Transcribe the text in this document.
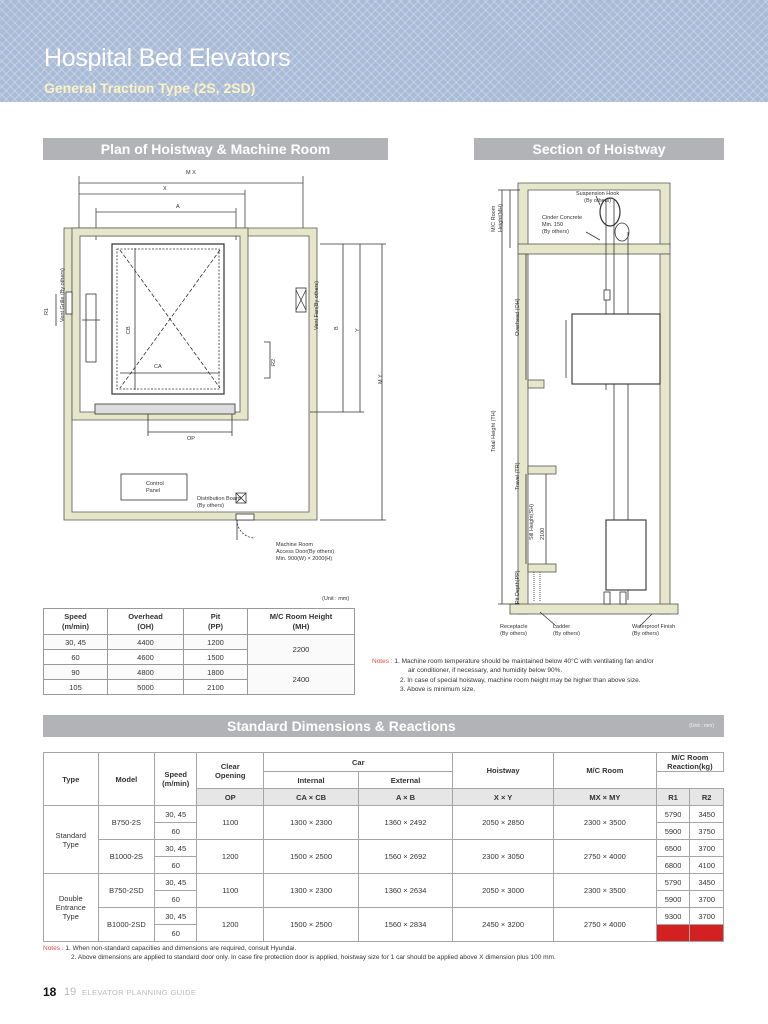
Hospital Bed Elevators
General Traction Type (2S, 2SD)
Plan of Hoistway & Machine Room	Section of Hoistway
M X
X
A
R1 Vent Grille (By others)
CB
CA
R2
OP
Vent Fan(By others)	B
Y
M Y
Control
Panel
Distribution Board
(By others)
Machine Room
Access Door(By others)
Min. 900(W) × 2000(H)
(Unit : mm)
Suspension Hook
(By others)
Cinder Concrete
Min. 150
(By others)
M/C Room
Height(MH)
Overhead (OH)
Total Height (TH)
Travel (TR)
Sill Height(SH) 2100
Pit Depth(PP)
Receptacle
(By others)
Ladder
(By others)
Waterproof Finish
(By others)
Speed
(m/min)	Overhead
(OH)	Pit
(PP)	M/C Room Height
(MH)
30, 45	4400	1200	2200
60	4600	1500	
90	4800	1800	2400
105	5000	2100	
Notes : 1. Machine room temperature should be maintained below 40°C with ventilating fan and/or
air conditioner, if necessary, and humidity below 90%.
2. In case of special hoistway, machine room height may be higher than above size.
3. Above is minimum size.
Standard Dimensions & Reactions	(Unit : mm)
Type	Model	Speed
(m/min)	Clear
Opening	Car		Hoistway	M/C Room	M/C Room
Reaction(kg)	
				Internal	External			
			OP	CA × CB	A × B	X × Y	MX × MY	R1	R2
Standard
Type	B750-2S	30, 45	1100	1300 × 2300	1360 × 2492	2050 × 2850	2300 × 3500	5790	3450
		60						5900	3750
	B1000-2S	30, 45	1200	1500 × 2500	1560 × 2692	2300 × 3050	2750 × 4000	6500	3700
		60						6800	4100
Double
Entrance
Type	B750-2SD	30, 45	1100	1300 × 2300	1360 × 2634	2050 × 3000	2300 × 3500	5790	3450
		60						5900	3700
	B1000-2SD	30, 45	1200	1500 × 2500	1560 × 2834	2450 × 3200	2750 × 4000	9300	3700
		60						7500	4100
Notes : 1. When non-standard capacities and dimensions are required, consult Hyundai.
2. Above dimensions are applied to standard door only. In case fire protection door is applied, hoistway size for 1 car should be applied above X dimension plus 100 mm.
18 19 ELEVATOR PLANNING GUIDE
